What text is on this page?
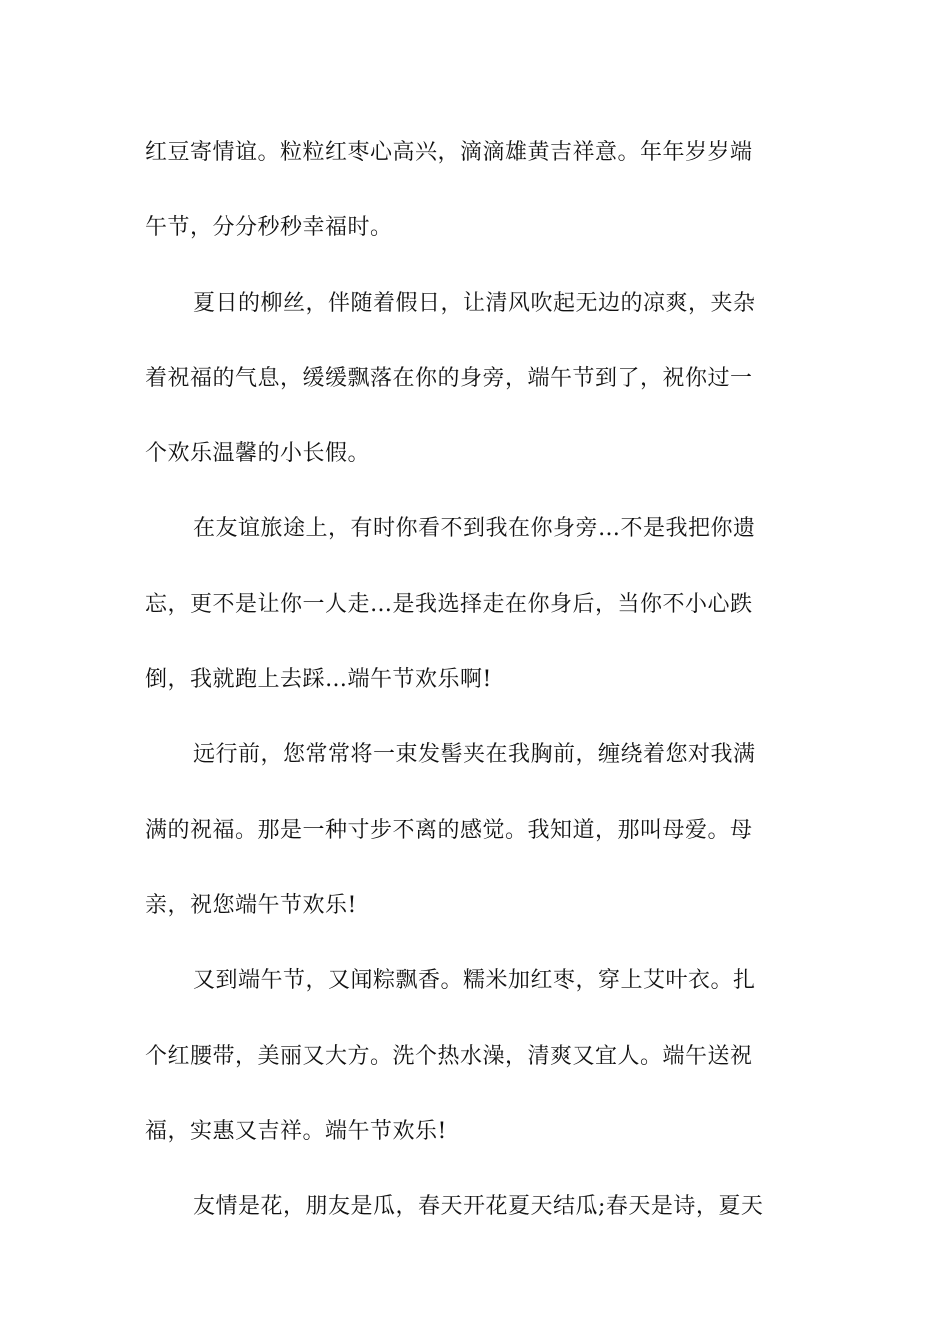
红豆寄情谊。粒粒红枣心高兴，滴滴雄黄吉祥意。年年岁岁端
午节，分分秒秒幸福时。
夏日的柳丝，伴随着假日，让清风吹起无边的凉爽，夹杂
着祝福的气息，缓缓飘落在你的身旁，端午节到了，祝你过一
个欢乐温馨的小长假。
在友谊旅途上，有时你看不到我在你身旁…不是我把你遗
忘，更不是让你一人走…是我选择走在你身后，当你不小心跌
倒，我就跑上去踩…端午节欢乐啊!
远行前，您常常将一束发髻夹在我胸前，缠绕着您对我满
满的祝福。那是一种寸步不离的感觉。我知道，那叫母爱。母
亲，祝您端午节欢乐!
又到端午节，又闻粽飘香。糯米加红枣，穿上艾叶衣。扎
个红腰带，美丽又大方。洗个热水澡，清爽又宜人。端午送祝
福，实惠又吉祥。端午节欢乐!
友情是花，朋友是瓜，春天开花夏天结瓜;春天是诗，夏天
